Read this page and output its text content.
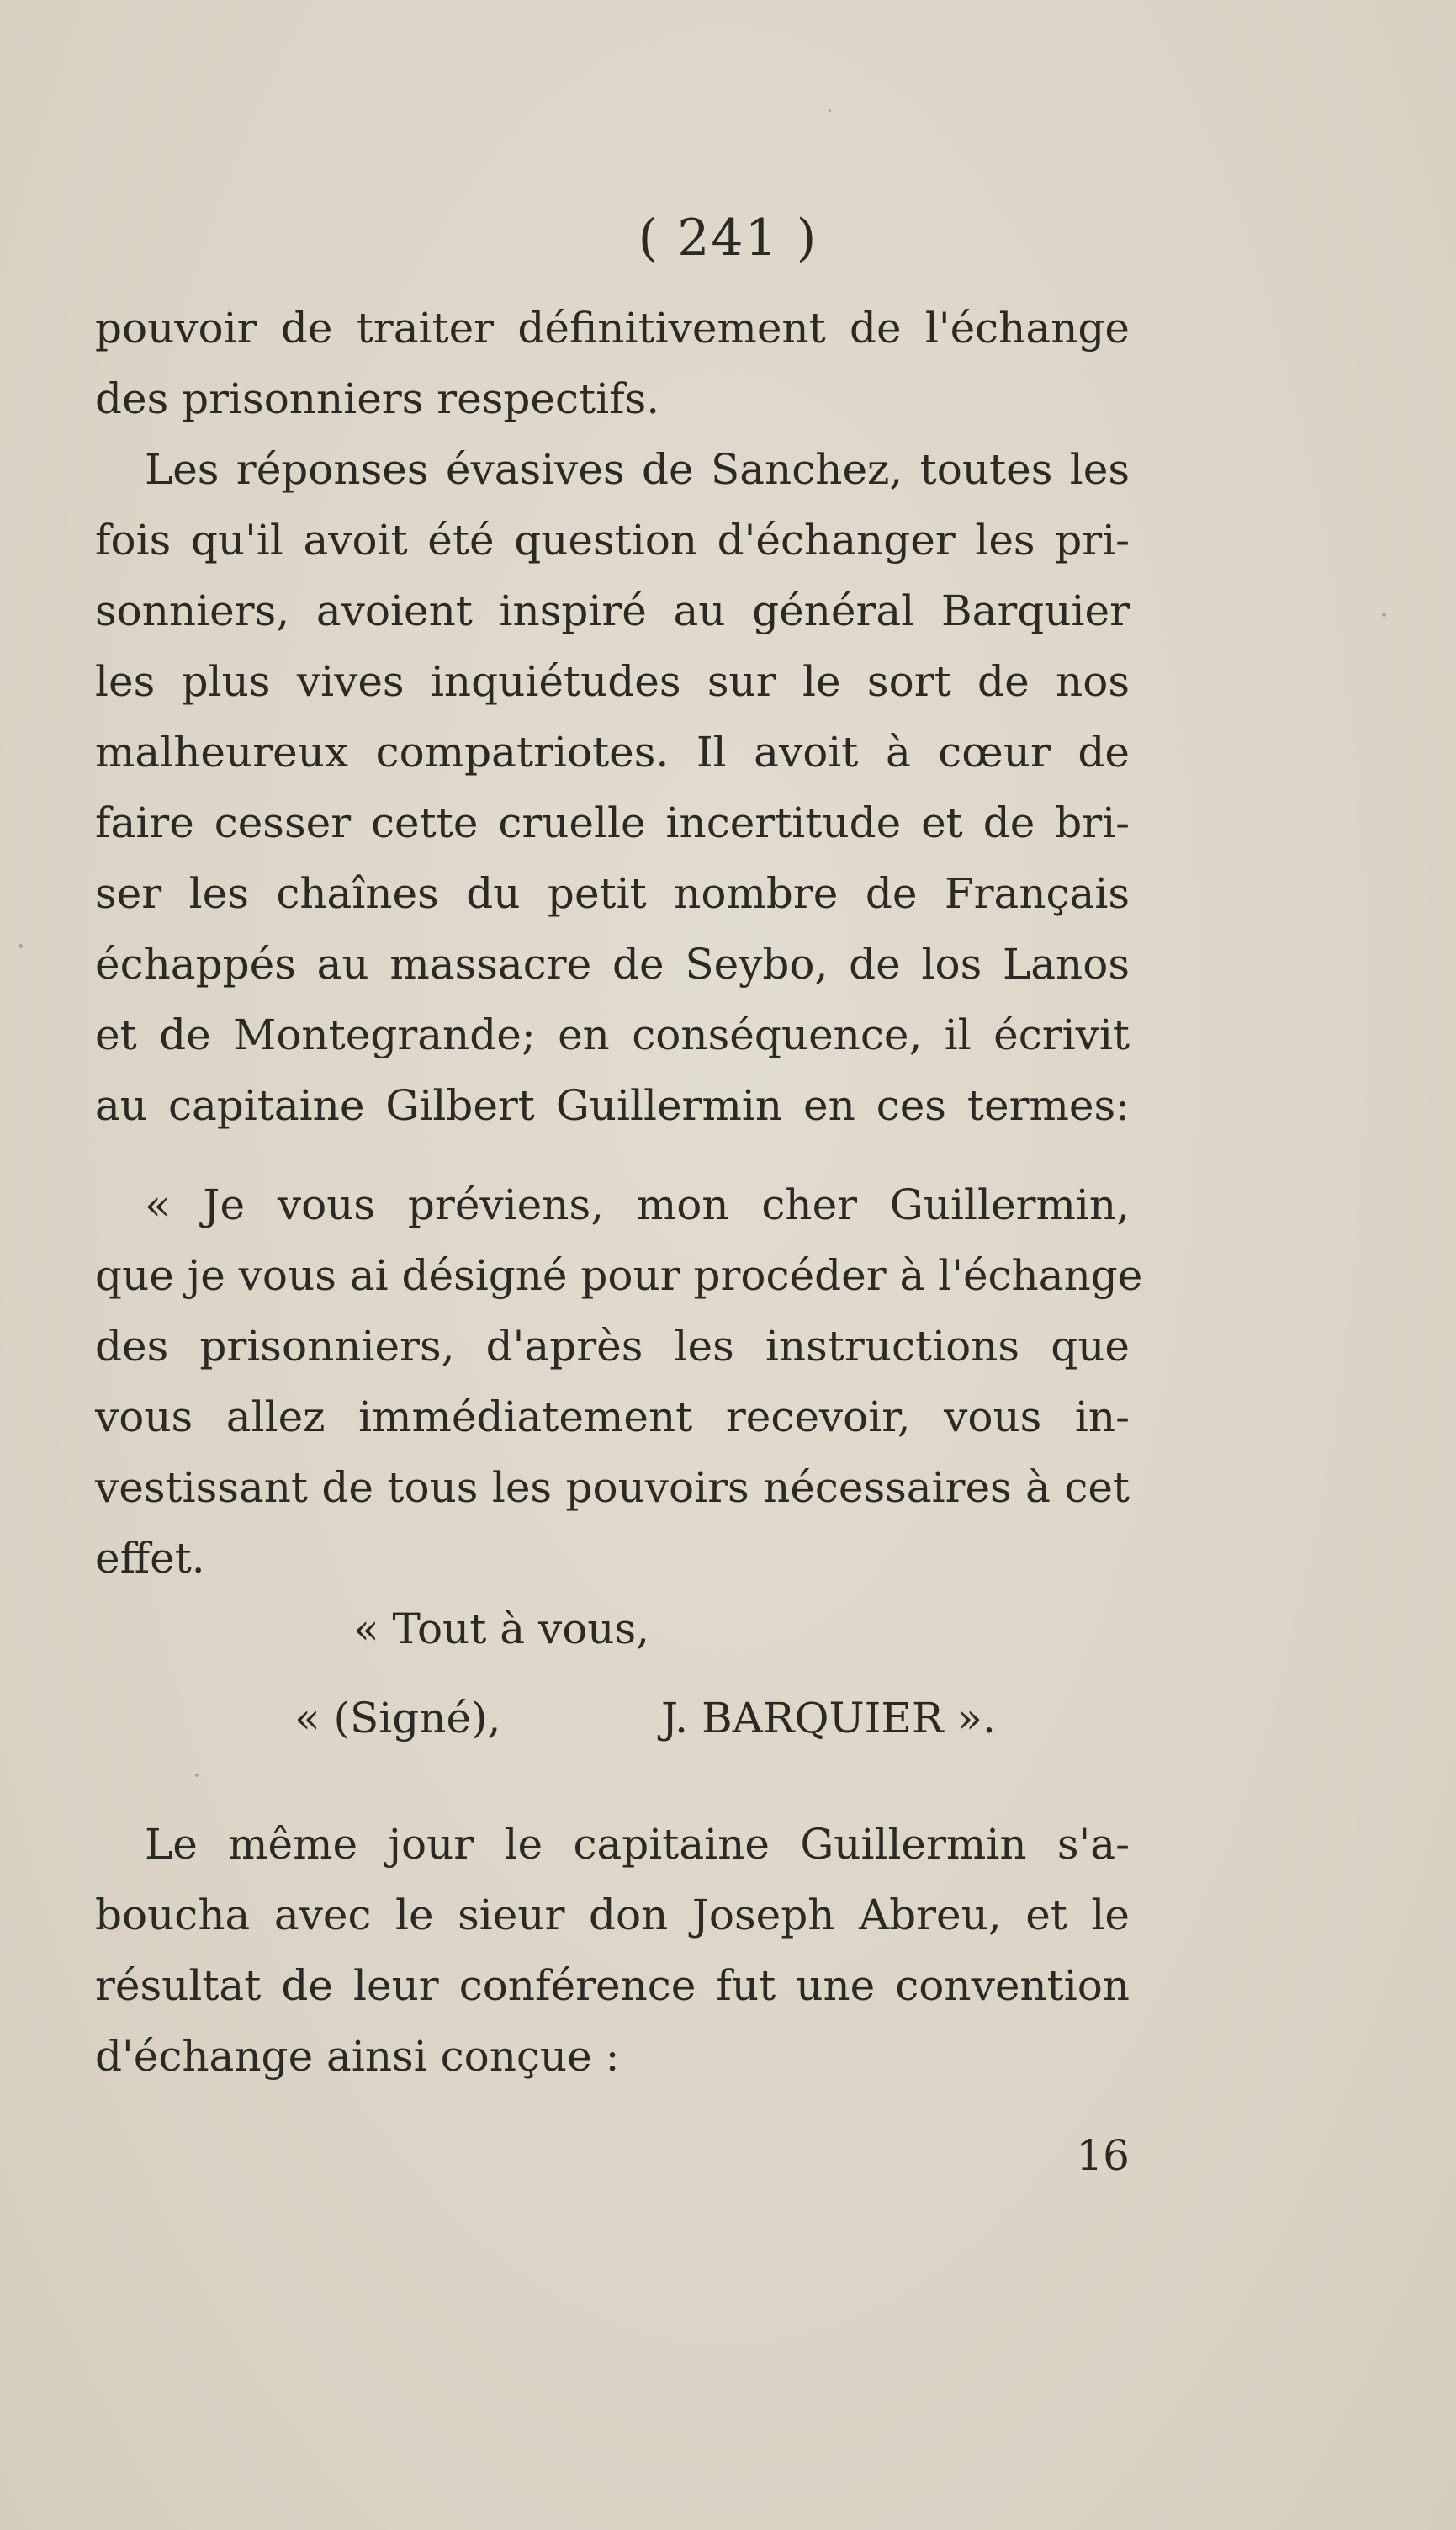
( 241 )
pouvoir de traiter définitivement de l'échange
des prisonniers respectifs.
Les réponses évasives de Sanchez, toutes les
fois qu'il avoit été question d'échanger les pri-
sonniers, avoient inspiré au général Barquier
les plus vives inquiétudes sur le sort de nos
malheureux compatriotes. Il avoit à cœur de
faire cesser cette cruelle incertitude et de bri-
ser les chaînes du petit nombre de Français
échappés au massacre de Seybo, de los Lanos
et de Montegrande; en conséquence, il écrivit
au capitaine Gilbert Guillermin en ces termes:
« Je vous préviens, mon cher Guillermin,
que je vous ai désigné pour procéder à l'échange
des prisonniers, d'après les instructions que
vous allez immédiatement recevoir, vous in-
vestissant de tous les pouvoirs nécessaires à cet
effet.
« Tout à vous,
« (Signé),	J. BARQUIER ».
Le même jour le capitaine Guillermin s'a-
boucha avec le sieur don Joseph Abreu, et le
résultat de leur conférence fut une convention
d'échange ainsi conçue :
16
